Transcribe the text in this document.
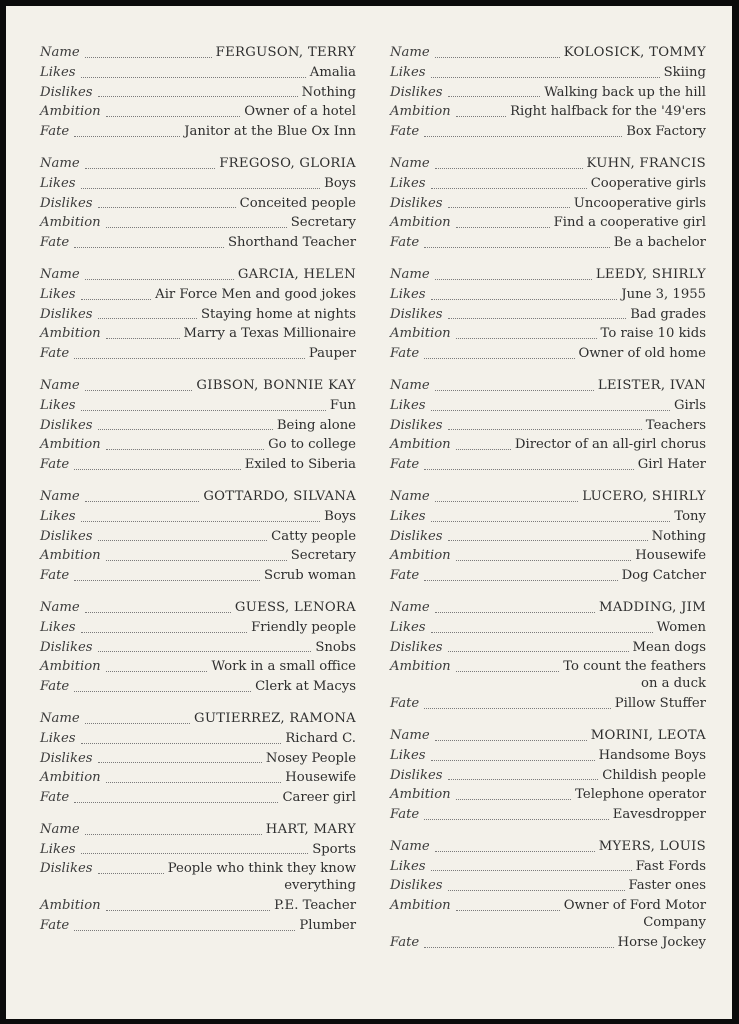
Name	FERGUSON, TERRY
Likes	Amalia
Dislikes	Nothing
Ambition	Owner of a hotel
Fate	Janitor at the Blue Ox Inn
Name	FREGOSO, GLORIA
Likes	Boys
Dislikes	Conceited people
Ambition	Secretary
Fate	Shorthand Teacher
Name	GARCIA, HELEN
Likes	Air Force Men and good jokes
Dislikes	Staying home at nights
Ambition	Marry a Texas Millionaire
Fate	Pauper
Name	GIBSON, BONNIE KAY
Likes	Fun
Dislikes	Being alone
Ambition	Go to college
Fate	Exiled to Siberia
Name	GOTTARDO, SILVANA
Likes	Boys
Dislikes	Catty people
Ambition	Secretary
Fate	Scrub woman
Name	GUESS, LENORA
Likes	Friendly people
Dislikes	Snobs
Ambition	Work in a small office
Fate	Clerk at Macys
Name	GUTIERREZ, RAMONA
Likes	Richard C.
Dislikes	Nosey People
Ambition	Housewife
Fate	Career girl
Name	HART, MARY
Likes	Sports
Dislikes	People who think they know
everything
Ambition	P.E. Teacher
Fate	Plumber
Name	KOLOSICK, TOMMY
Likes	Skiing
Dislikes	Walking back up the hill
Ambition	Right halfback for the '49'ers
Fate	Box Factory
Name	KUHN, FRANCIS
Likes	Cooperative girls
Dislikes	Uncooperative girls
Ambition	Find a cooperative girl
Fate	Be a bachelor
Name	LEEDY, SHIRLY
Likes	June 3, 1955
Dislikes	Bad grades
Ambition	To raise 10 kids
Fate	Owner of old home
Name	LEISTER, IVAN
Likes	Girls
Dislikes	Teachers
Ambition	Director of an all-girl chorus
Fate	Girl Hater
Name	LUCERO, SHIRLY
Likes	Tony
Dislikes	Nothing
Ambition	Housewife
Fate	Dog Catcher
Name	MADDING, JIM
Likes	Women
Dislikes	Mean dogs
Ambition	To count the feathers
on a duck
Fate	Pillow Stuffer
Name	MORINI, LEOTA
Likes	Handsome Boys
Dislikes	Childish people
Ambition	Telephone operator
Fate	Eavesdropper
Name	MYERS, LOUIS
Likes	Fast Fords
Dislikes	Faster ones
Ambition	Owner of Ford Motor
Company
Fate	Horse Jockey
